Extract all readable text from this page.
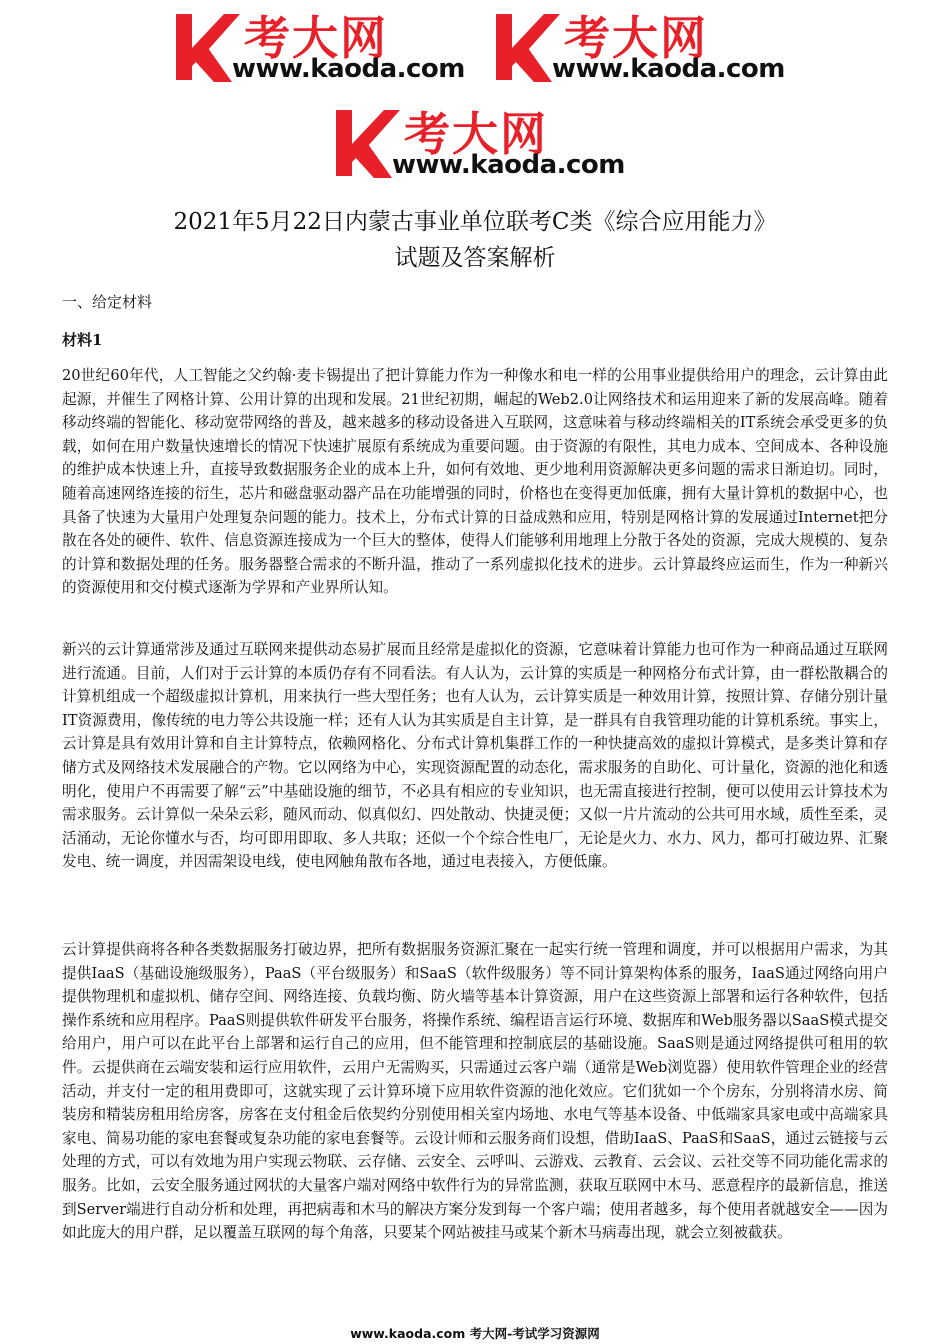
考大网
www.kaoda.com
考大网
www.kaoda.com
考大网
www.kaoda.com
2021年5月22日内蒙古事业单位联考C类《综合应用能力》
试题及答案解析
一、给定材料
材料1

20世纪60年代，人工智能之父约翰·麦卡锡提出了把计算能力作为一种像水和电一样的公用事业提供给用户的理念，云计算由此起源，并催生了网格计算、公用计算的出现和发展。21世纪初期，崛起的Web2.0让网络技术和运用迎来了新的发展高峰。随着移动终端的智能化、移动宽带网络的普及，越来越多的移动设备进入互联网，这意味着与移动终端相关的IT系统会承受更多的负载，如何在用户数量快速增长的情况下快速扩展原有系统成为重要问题。由于资源的有限性，其电力成本、空间成本、各种设施的维护成本快速上升，直接导致数据服务企业的成本上升，如何有效地、更少地利用资源解决更多问题的需求日渐迫切。同时，随着高速网络连接的衍生，芯片和磁盘驱动器产品在功能增强的同时，价格也在变得更加低廉，拥有大量计算机的数据中心，也具备了快速为大量用户处理复杂问题的能力。技术上，分布式计算的日益成熟和应用，特别是网格计算的发展通过Internet把分散在各处的硬件、软件、信息资源连接成为一个巨大的整体，使得人们能够利用地理上分散于各处的资源，完成大规模的、复杂的计算和数据处理的任务。服务器整合需求的不断升温，推动了一系列虚拟化技术的进步。云计算最终应运而生，作为一种新兴的资源使用和交付模式逐渐为学界和产业界所认知。

新兴的云计算通常涉及通过互联网来提供动态易扩展而且经常是虚拟化的资源，它意味着计算能力也可作为一种商品通过互联网进行流通。目前，人们对于云计算的本质仍存有不同看法。有人认为，云计算的实质是一种网格分布式计算，由一群松散耦合的计算机组成一个超级虚拟计算机，用来执行一些大型任务；也有人认为，云计算实质是一种效用计算，按照计算、存储分别计量IT资源费用，像传统的电力等公共设施一样；还有人认为其实质是自主计算，是一群具有自我管理功能的计算机系统。事实上，云计算是具有效用计算和自主计算特点，依赖网格化、分布式计算机集群工作的一种快捷高效的虚拟计算模式，是多类计算和存储方式及网络技术发展融合的产物。它以网络为中心，实现资源配置的动态化，需求服务的自助化、可计量化，资源的池化和透明化，使用户不再需要了解“云”中基础设施的细节，不必具有相应的专业知识，也无需直接进行控制，便可以使用云计算技术为需求服务。云计算似一朵朵云彩，随风而动、似真似幻、四处散动、快捷灵便；又似一片片流动的公共可用水域，质性至柔，灵活涌动，无论你懂水与否，均可即用即取、多人共取；还似一个个综合性电厂，无论是火力、水力、风力，都可打破边界、汇聚发电、统一调度，并因需架设电线，使电网触角散布各地，通过电表接入，方便低廉。

云计算提供商将各种各类数据服务打破边界，把所有数据服务资源汇聚在一起实行统一管理和调度，并可以根据用户需求，为其提供IaaS（基础设施级服务），PaaS（平台级服务）和SaaS（软件级服务）等不同计算架构体系的服务，IaaS通过网络向用户提供物理机和虚拟机、储存空间、网络连接、负载均衡、防火墙等基本计算资源，用户在这些资源上部署和运行各种软件，包括操作系统和应用程序。PaaS则提供软件研发平台服务，将操作系统、编程语言运行环境、数据库和Web服务器以SaaS模式提交给用户，用户可以在此平台上部署和运行自己的应用，但不能管理和控制底层的基础设施。SaaS则是通过网络提供可租用的软件。云提供商在云端安装和运行应用软件，云用户无需购买，只需通过云客户端（通常是Web浏览器）使用软件管理企业的经营活动，并支付一定的租用费即可，这就实现了云计算环境下应用软件资源的池化效应。它们犹如一个个房东，分别将清水房、简装房和精装房租用给房客，房客在支付租金后依契约分别使用相关室内场地、水电气等基本设备、中低端家具家电或中高端家具家电、简易功能的家电套餐或复杂功能的家电套餐等。云设计师和云服务商们设想，借助IaaS、PaaS和SaaS，通过云链接与云处理的方式，可以有效地为用户实现云物联、云存储、云安全、云呼叫、云游戏、云教育、云会议、云社交等不同功能化需求的服务。比如，云安全服务通过网状的大量客户端对网络中软件行为的异常监测，获取互联网中木马、恶意程序的最新信息，推送到Server端进行自动分析和处理，再把病毒和木马的解决方案分发到每一个客户端；使用者越多，每个使用者就越安全——因为如此庞大的用户群，足以覆盖互联网的每个角落，只要某个网站被挂马或某个新木马病毒出现，就会立刻被截获。

www.kaoda.com 考大网-考试学习资源网
